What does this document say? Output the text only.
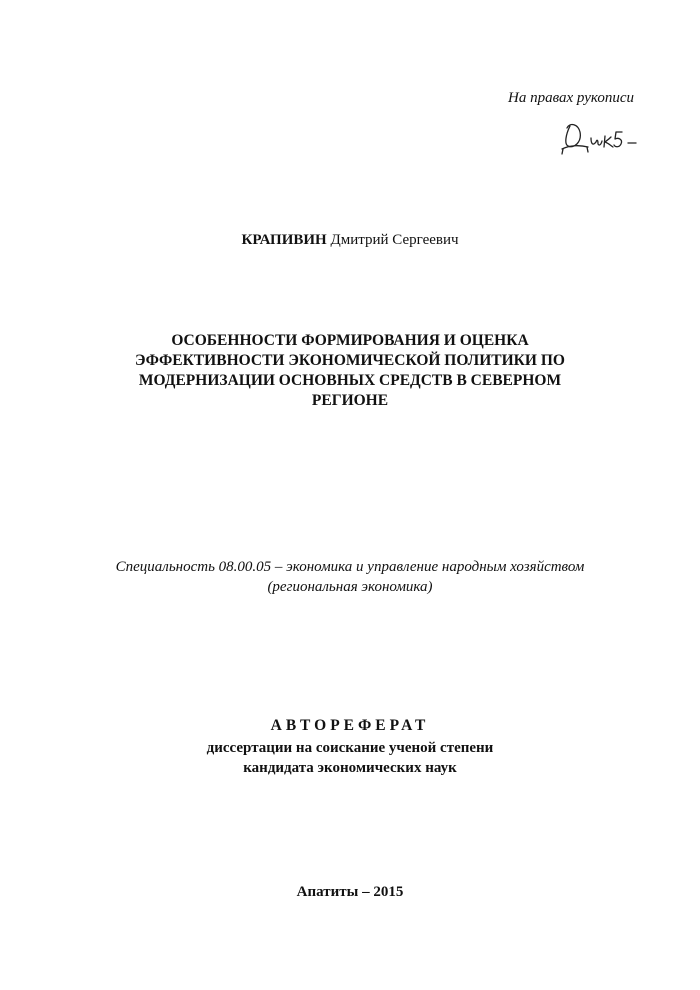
На правах рукописи
КРАПИВИН Дмитрий Сергеевич
ОСОБЕННОСТИ ФОРМИРОВАНИЯ И ОЦЕНКА
ЭФФЕКТИВНОСТИ ЭКОНОМИЧЕСКОЙ ПОЛИТИКИ ПО
МОДЕРНИЗАЦИИ ОСНОВНЫХ СРЕДСТВ В СЕВЕРНОМ
РЕГИОНЕ
Специальность 08.00.05 – экономика и управление народным хозяйством
(региональная экономика)
АВТОРЕФЕРАТ
диссертации на соискание ученой степени
кандидата экономических наук
Апатиты – 2015
